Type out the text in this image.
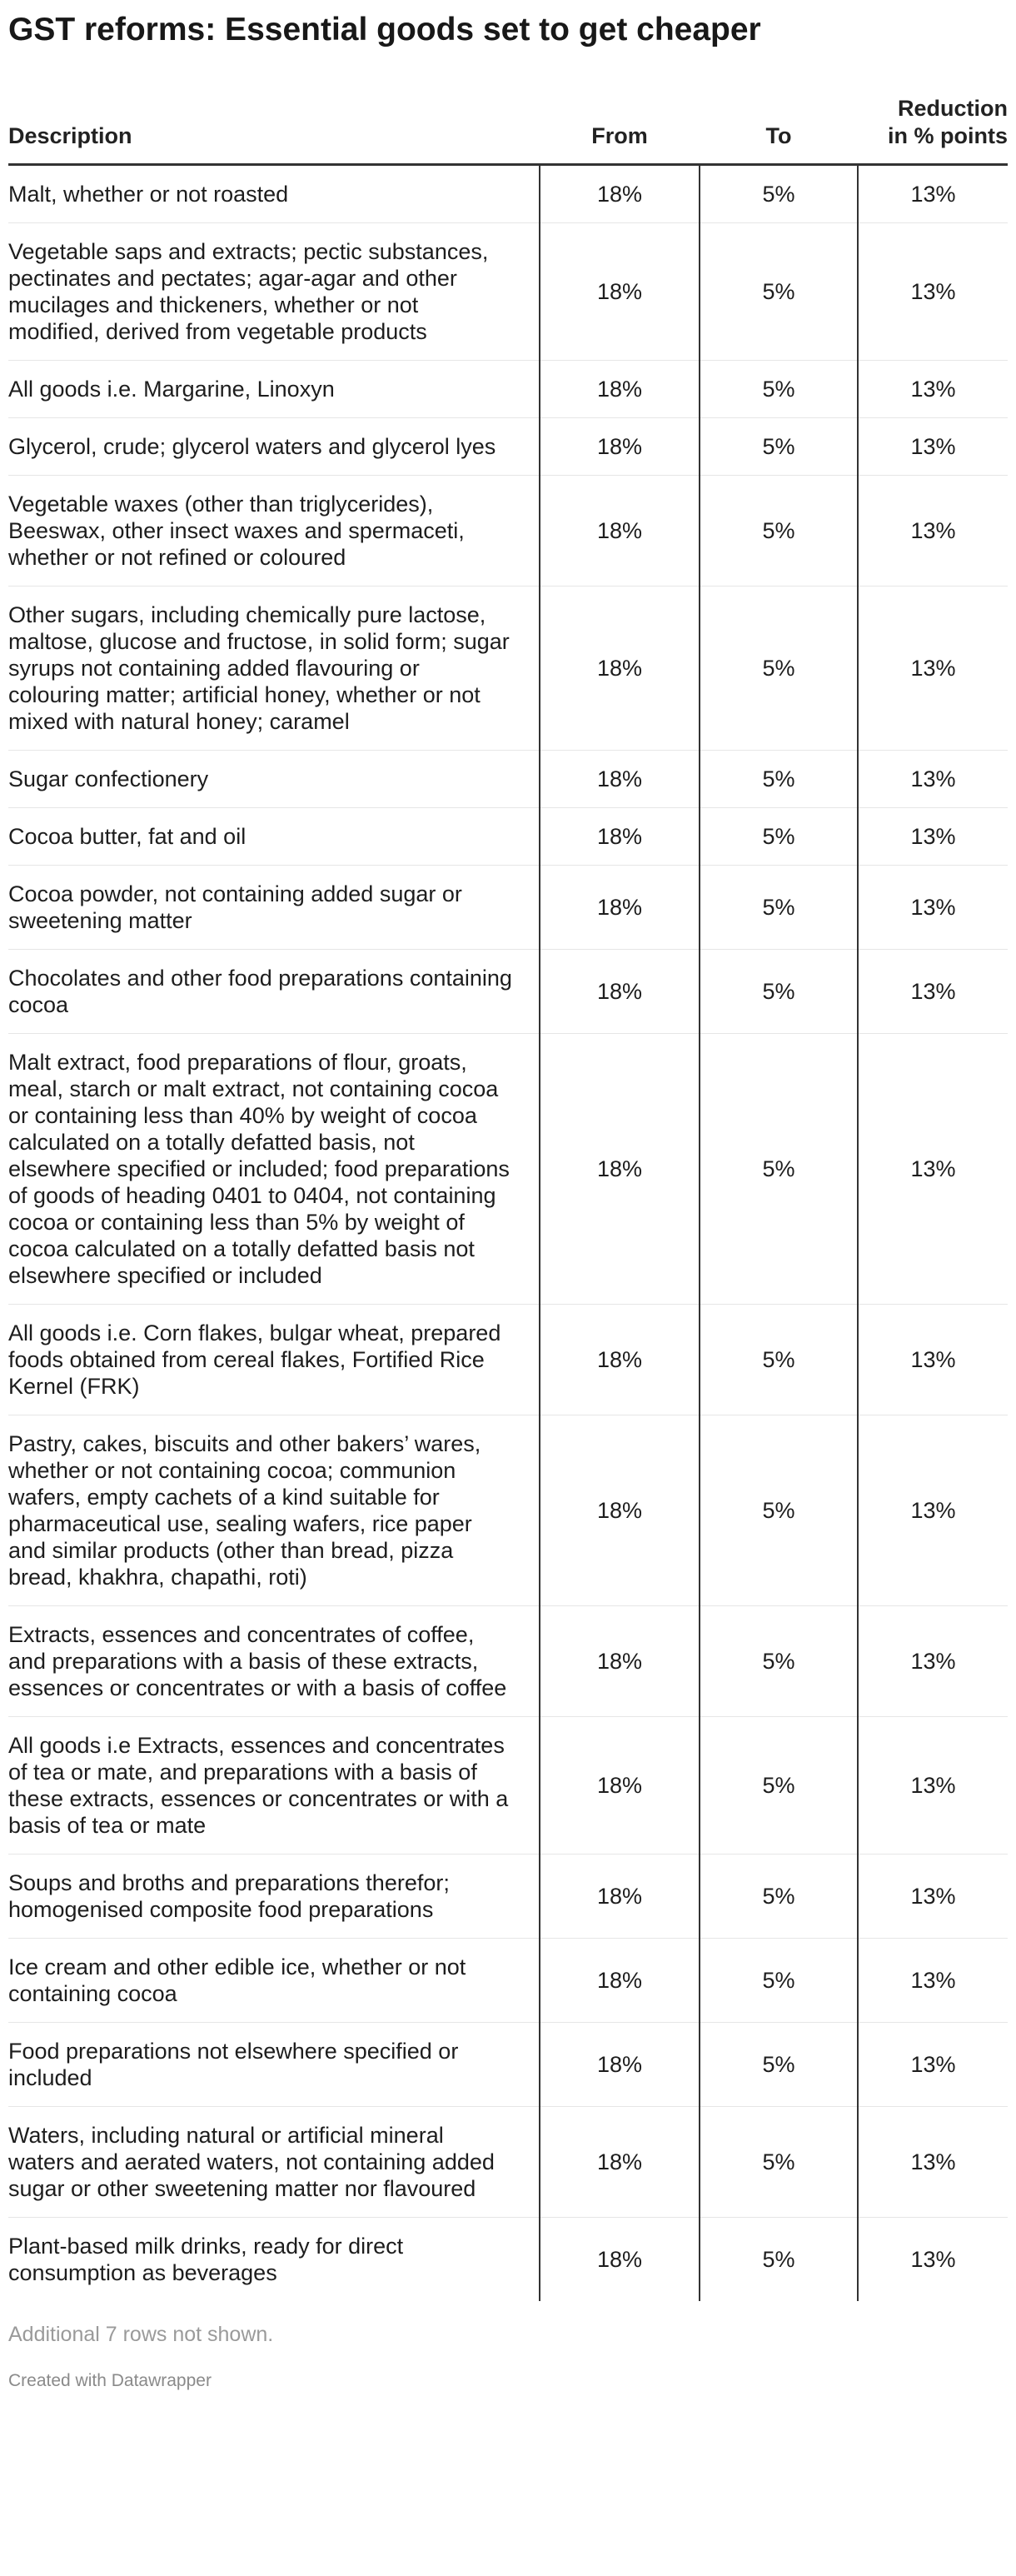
GST reforms: Essential goods set to get cheaper
Description	From	To	Reduction
in % points
Malt, whether or not roasted	18%	5%	13%
Vegetable saps and extracts; pectic substances, pectinates and pectates; agar-agar and other mucilages and thickeners, whether or not modified, derived from vegetable products	18%	5%	13%
All goods i.e. Margarine, Linoxyn	18%	5%	13%
Glycerol, crude; glycerol waters and glycerol lyes	18%	5%	13%
Vegetable waxes (other than triglycerides), Beeswax, other insect waxes and spermaceti, whether or not refined or coloured	18%	5%	13%
Other sugars, including chemically pure lactose, maltose, glucose and fructose, in solid form; sugar syrups not containing added flavouring or colouring matter; artificial honey, whether or not mixed with natural honey; caramel	18%	5%	13%
Sugar confectionery	18%	5%	13%
Cocoa butter, fat and oil	18%	5%	13%
Cocoa powder, not containing added sugar or sweetening matter	18%	5%	13%
Chocolates and other food preparations containing cocoa	18%	5%	13%
Malt extract, food preparations of flour, groats, meal, starch or malt extract, not containing cocoa or containing less than 40% by weight of cocoa calculated on a totally defatted basis, not elsewhere specified or included; food preparations of goods of heading 0401 to 0404, not containing cocoa or containing less than 5% by weight of cocoa calculated on a totally defatted basis not elsewhere specified or included	18%	5%	13%
All goods i.e. Corn flakes, bulgar wheat, prepared foods obtained from cereal flakes, Fortified Rice Kernel (FRK)	18%	5%	13%
Pastry, cakes, biscuits and other bakers’ wares, whether or not containing cocoa; communion wafers, empty cachets of a kind suitable for pharmaceutical use, sealing wafers, rice paper and similar products (other than bread, pizza bread, khakhra, chapathi, roti)	18%	5%	13%
Extracts, essences and concentrates of coffee, and preparations with a basis of these extracts, essences or concentrates or with a basis of coffee	18%	5%	13%
All goods i.e Extracts, essences and concentrates of tea or mate, and preparations with a basis of these extracts, essences or concentrates or with a basis of tea or mate	18%	5%	13%
Soups and broths and preparations therefor; homogenised composite food preparations	18%	5%	13%
Ice cream and other edible ice, whether or not containing cocoa	18%	5%	13%
Food preparations not elsewhere specified or included	18%	5%	13%
Waters, including natural or artificial mineral waters and aerated waters, not containing added sugar or other sweetening matter nor flavoured	18%	5%	13%
Plant-based milk drinks, ready for direct consumption as beverages	18%	5%	13%
Additional 7 rows not shown.
Created with Datawrapper
